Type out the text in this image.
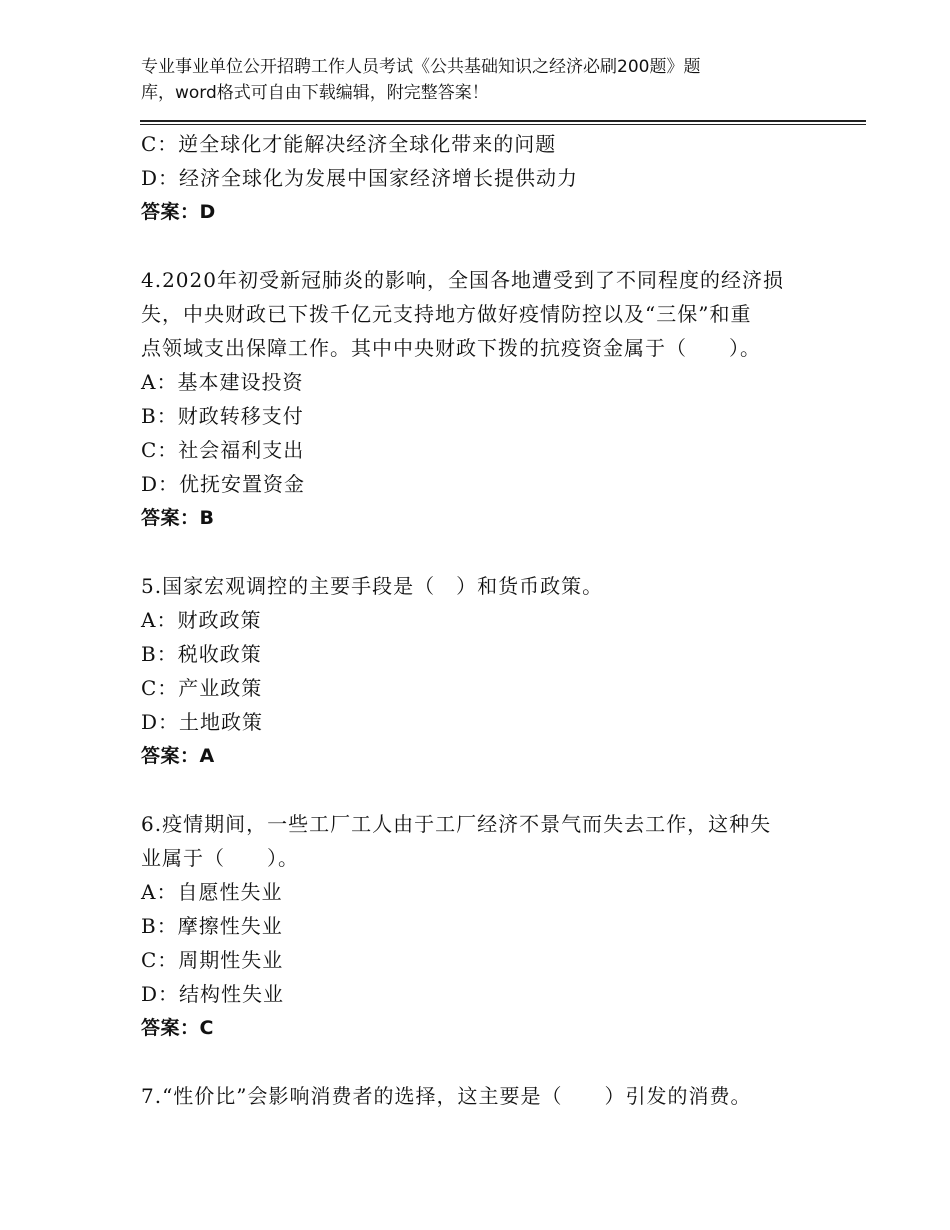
专业事业单位公开招聘工作人员考试《公共基础知识之经济必刷200题》题
库，word格式可自由下载编辑，附完整答案！
C：逆全球化才能解决经济全球化带来的问题
D：经济全球化为发展中国家经济增长提供动力
答案：D
4.2020年初受新冠肺炎的影响，全国各地遭受到了不同程度的经济损
失，中央财政已下拨千亿元支持地方做好疫情防控以及“三保”和重
点领域支出保障工作。其中中央财政下拨的抗疫资金属于（　　）。
A：基本建设投资
B：财政转移支付
C：社会福利支出
D：优抚安置资金
答案：B
5.国家宏观调控的主要手段是（　）和货币政策。
A：财政政策
B：税收政策
C：产业政策
D：土地政策
答案：A
6.疫情期间，一些工厂工人由于工厂经济不景气而失去工作，这种失
业属于（　　）。
A：自愿性失业
B：摩擦性失业
C：周期性失业
D：结构性失业
答案：C
7.“性价比”会影响消费者的选择，这主要是（　　）引发的消费。
